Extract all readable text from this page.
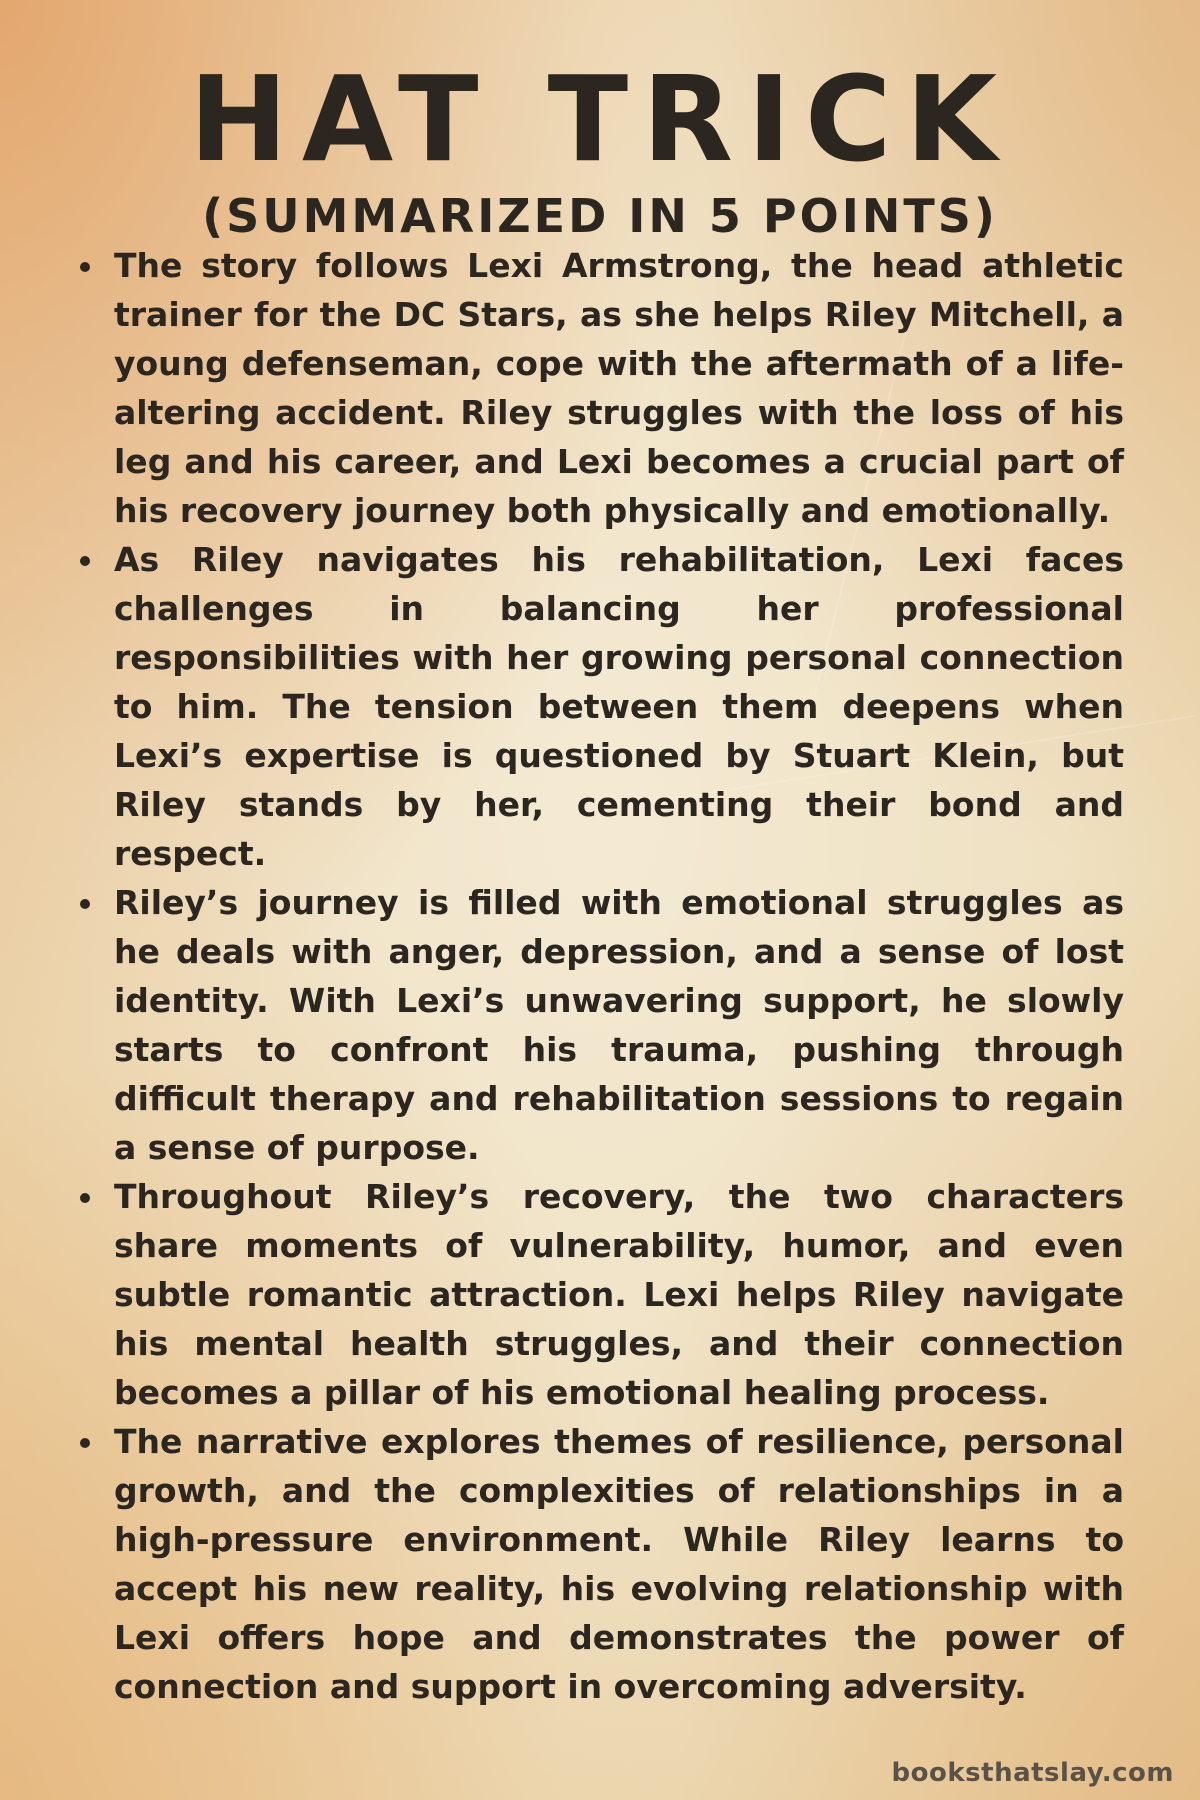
HAT TRICK
(SUMMARIZED IN 5 POINTS)
The story follows Lexi Armstrong, the head athletic trainer for the DC Stars, as she helps Riley Mitchell, a young defenseman, cope with the aftermath of a life-altering accident. Riley struggles with the loss of his leg and his career, and Lexi becomes a crucial part of his recovery journey both physically and emotionally.
As Riley navigates his rehabilitation, Lexi faces challenges in balancing her professional responsibilities with her growing personal connection to him. The tension between them deepens when Lexi’s expertise is questioned by Stuart Klein, but Riley stands by her, cementing their bond and respect.
Riley’s journey is filled with emotional struggles as he deals with anger, depression, and a sense of lost identity. With Lexi’s unwavering support, he slowly starts to confront his trauma, pushing through difficult therapy and rehabilitation sessions to regain a sense of purpose.
Throughout Riley’s recovery, the two characters share moments of vulnerability, humor, and even subtle romantic attraction. Lexi helps Riley navigate his mental health struggles, and their connection becomes a pillar of his emotional healing process.
The narrative explores themes of resilience, personal growth, and the complexities of relationships in a high-pressure environment. While Riley learns to accept his new reality, his evolving relationship with Lexi offers hope and demonstrates the power of connection and support in overcoming adversity.
booksthatslay.com
